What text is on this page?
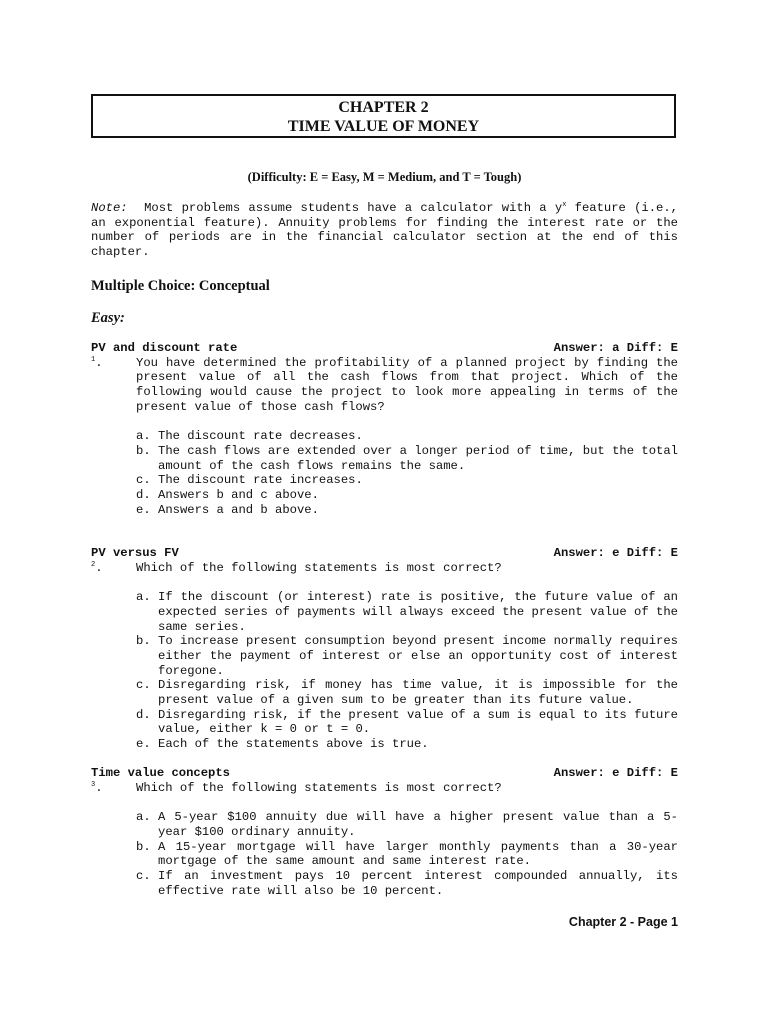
CHAPTER 2
TIME VALUE OF MONEY
(Difficulty: E = Easy, M = Medium, and T = Tough)
Note: Most problems assume students have a calculator with a $y^x$ feature (i.e., an exponential feature). Annuity problems for finding the interest rate or the number of periods are in the financial calculator section at the end of this chapter.
Multiple Choice: Conceptual
Easy:
PV and discount rate	Answer: a Diff: E
$^1$.	You have determined the profitability of a planned project by finding the present value of all the cash flows from that project. Which of the following would cause the project to look more appealing in terms of the present value of those cash flows?
a. The discount rate decreases.
b. The cash flows are extended over a longer period of time, but the total amount of the cash flows remains the same.
c. The discount rate increases.
d. Answers b and c above.
e. Answers a and b above.
PV versus FV	Answer: e Diff: E
$^2$.	Which of the following statements is most correct?
a. If the discount (or interest) rate is positive, the future value of an expected series of payments will always exceed the present value of the same series.
b. To increase present consumption beyond present income normally requires either the payment of interest or else an opportunity cost of interest foregone.
c. Disregarding risk, if money has time value, it is impossible for the present value of a given sum to be greater than its future value.
d. Disregarding risk, if the present value of a sum is equal to its future value, either k = 0 or t = 0.
e. Each of the statements above is true.
Time value concepts	Answer: e Diff: E
$^3$.	Which of the following statements is most correct?
a. A 5-year $100 annuity due will have a higher present value than a 5-year $100 ordinary annuity.
b. A 15-year mortgage will have larger monthly payments than a 30-year mortgage of the same amount and same interest rate.
c. If an investment pays 10 percent interest compounded annually, its effective rate will also be 10 percent.
Chapter 2 - Page 1
